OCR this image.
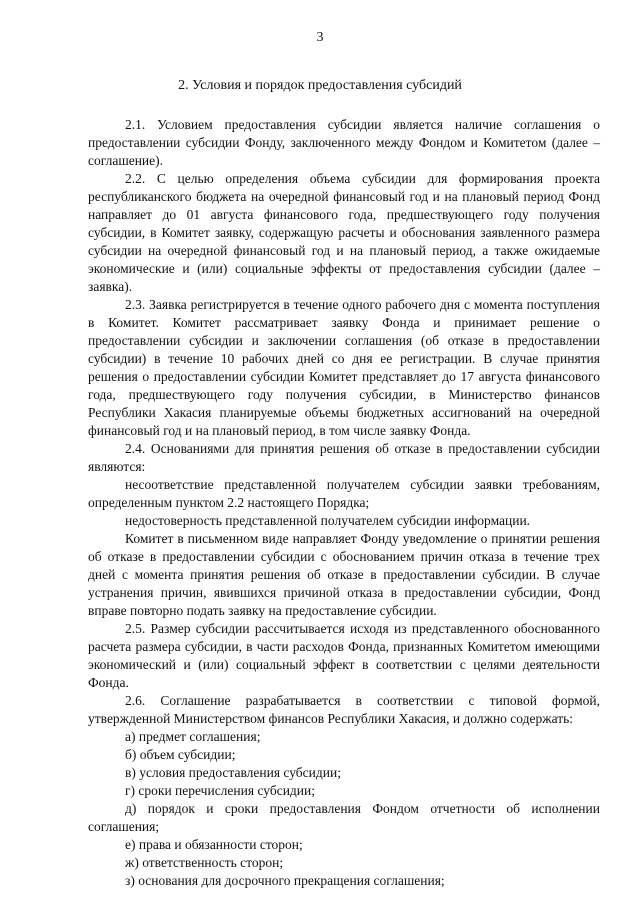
3
2. Условия и порядок предоставления субсидий

2.1. Условием предоставления субсидии является наличие соглашения о предоставлении субсидии Фонду, заключенного между Фондом и Комитетом (далее – соглашение).

2.2. С целью определения объема субсидии для формирования проекта республиканского бюджета на очередной финансовый год и на плановый период Фонд направляет до 01 августа финансового года, предшествующего году получения субсидии, в Комитет заявку, содержащую расчеты и обоснования заявленного размера субсидии на очередной финансовый год и на плановый период, а также ожидаемые экономические и (или) социальные эффекты от предоставления субсидии (далее – заявка).

2.3. Заявка регистрируется в течение одного рабочего дня с момента поступления в Комитет. Комитет рассматривает заявку Фонда и принимает решение о предоставлении субсидии и заключении соглашения (об отказе в предоставлении субсидии) в течение 10 рабочих дней со дня ее регистрации. В случае принятия решения о предоставлении субсидии Комитет представляет до 17 августа финансового года, предшествующего году получения субсидии, в Министерство финансов Республики Хакасия планируемые объемы бюджетных ассигнований на очередной финансовый год и на плановый период, в том числе заявку Фонда.

2.4. Основаниями для принятия решения об отказе в предоставлении субсидии являются:

несоответствие представленной получателем субсидии заявки требованиям, определенным пунктом 2.2 настоящего Порядка;

недостоверность представленной получателем субсидии информации.

Комитет в письменном виде направляет Фонду уведомление о принятии решения об отказе в предоставлении субсидии с обоснованием причин отказа в течение трех дней с момента принятия решения об отказе в предоставлении субсидии. В случае устранения причин, явившихся причиной отказа в предоставлении субсидии, Фонд вправе повторно подать заявку на предоставление субсидии.

2.5. Размер субсидии рассчитывается исходя из представленного обоснованного расчета размера субсидии, в части расходов Фонда, признанных Комитетом имеющими экономический и (или) социальный эффект в соответствии с целями деятельности Фонда.

2.6. Соглашение разрабатывается в соответствии с типовой формой, утвержденной Министерством финансов Республики Хакасия, и должно содержать:

а) предмет соглашения;

б) объем субсидии;

в) условия предоставления субсидии;

г) сроки перечисления субсидии;

д) порядок и сроки предоставления Фондом отчетности об исполнении соглашения;

е) права и обязанности сторон;

ж) ответственность сторон;

з) основания для досрочного прекращения соглашения;
